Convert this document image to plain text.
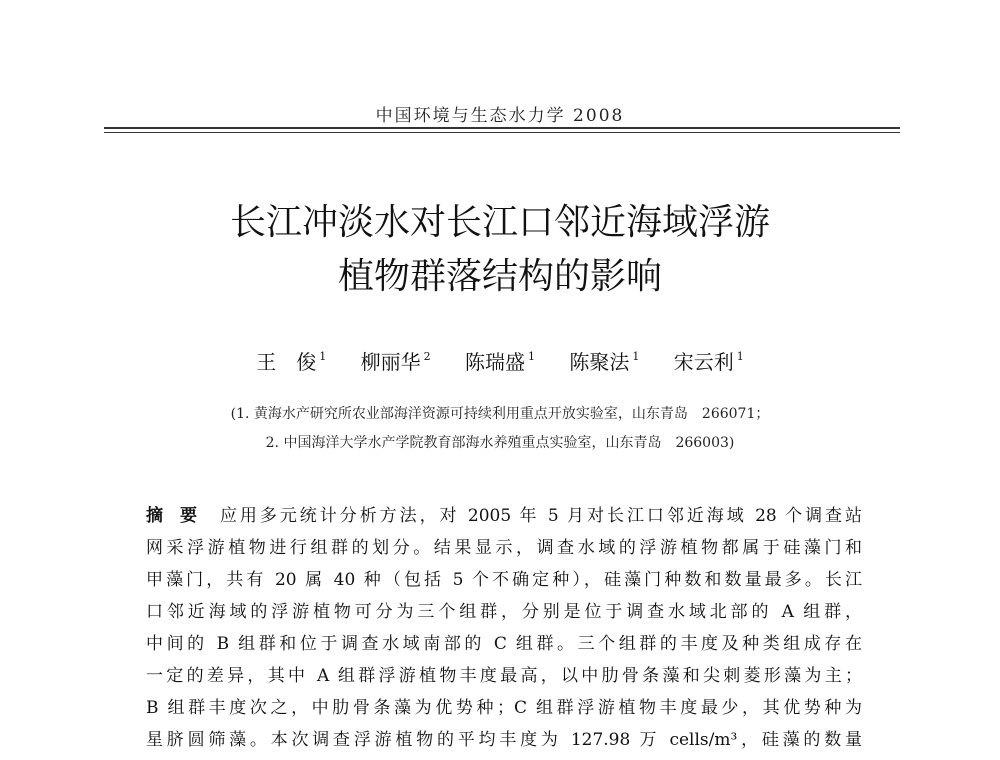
中国环境与生态水力学 2008
长江冲淡水对长江口邻近海域浮游
植物群落结构的影响
王　俊 $^1$ 柳丽华 $^2$ 陈瑞盛 $^1$ 陈聚法 $^1$ 宋云利 $^1$
(1. 黄海水产研究所农业部海洋资源可持续利用重点开放实验室，山东青岛　266071；
2. 中国海洋大学水产学院教育部海水养殖重点实验室，山东青岛　266003)
摘要 应用多元统计分析方法，对 2005 年 5 月对长江口邻近海域 28 个调查站
网采浮游植物进行组群的划分。结果显示，调查水域的浮游植物都属于硅藻门和
甲藻门，共有 20 属 40 种（包括 5 个不确定种），硅藻门种数和数量最多。长江
口邻近海域的浮游植物可分为三个组群，分别是位于调查水域北部的 A 组群，
中间的 B 组群和位于调查水域南部的 C 组群。三个组群的丰度及种类组成存在
一定的差异，其中 A 组群浮游植物丰度最高，以中肋骨条藻和尖刺菱形藻为主；
B 组群丰度次之，中肋骨条藻为优势种；C 组群浮游植物丰度最少，其优势种为
星脐圆筛藻。本次调查浮游植物的平均丰度为 127.98 万 cells/m³，硅藻的数量
